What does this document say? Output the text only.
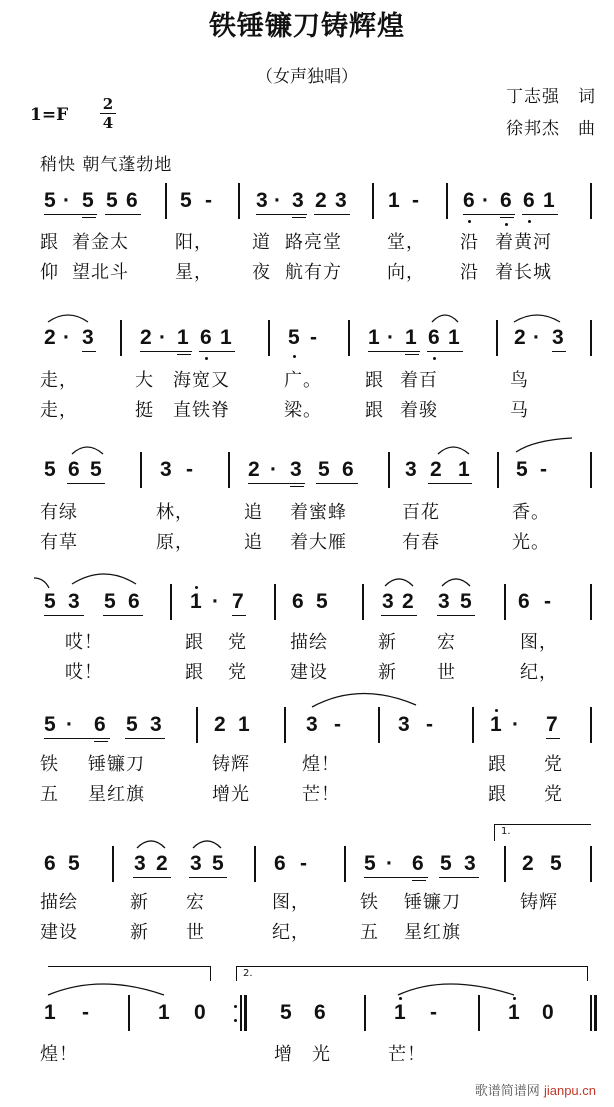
铁锤镰刀铸辉煌
（女声独唱）
丁志强　词
徐邦杰　曲
1=F
2
4
稍快 朝气蓬勃地
5 · 5 5 6 5 - 3 · 3 2 3 1 - 6 · 6 6 1
跟 着金太	阳， 道 路亮堂	堂， 沿 着黄河
仰 望北斗	星， 夜 航有方	向， 沿 着长城
2 · 3 2 · 1 6 1	5 - 1 · 1 6 1	2 · 3
走，	大 海宽又	广。 跟 着百	鸟
走，	挺 直铁脊	梁。 跟 着骏	马
5 6 5	3 -	2 · 3 5 6 3 2 1 5 -
有绿	林，	追 着蜜蜂	百花	香。
有草	原，	追 着大雁	有春	光。
5 3 5 6 1 · 7 6 5	3 2 3 5 6 -
哎！	跟 党 描绘	新 宏	图，
哎！	跟 党 建设	新 世	纪，
5 · 6 5 3 2 1	3 -	3 -	1 · 7
铁 锤镰刀	铸辉	煌！	跟 党
五 星红旗	增光	芒！	跟 党
1.
6 5	3 2 3 5 6 -	5 · 6 5 3 2 5
描绘	新 宏	图，	铁 锤镰刀	铸辉
建设	新 世	纪，	五 星红旗
2.
1 -	1 0	5 6	1 -	1 0
煌！	增 光	芒！
歌谱简谱网 jianpu.cn
